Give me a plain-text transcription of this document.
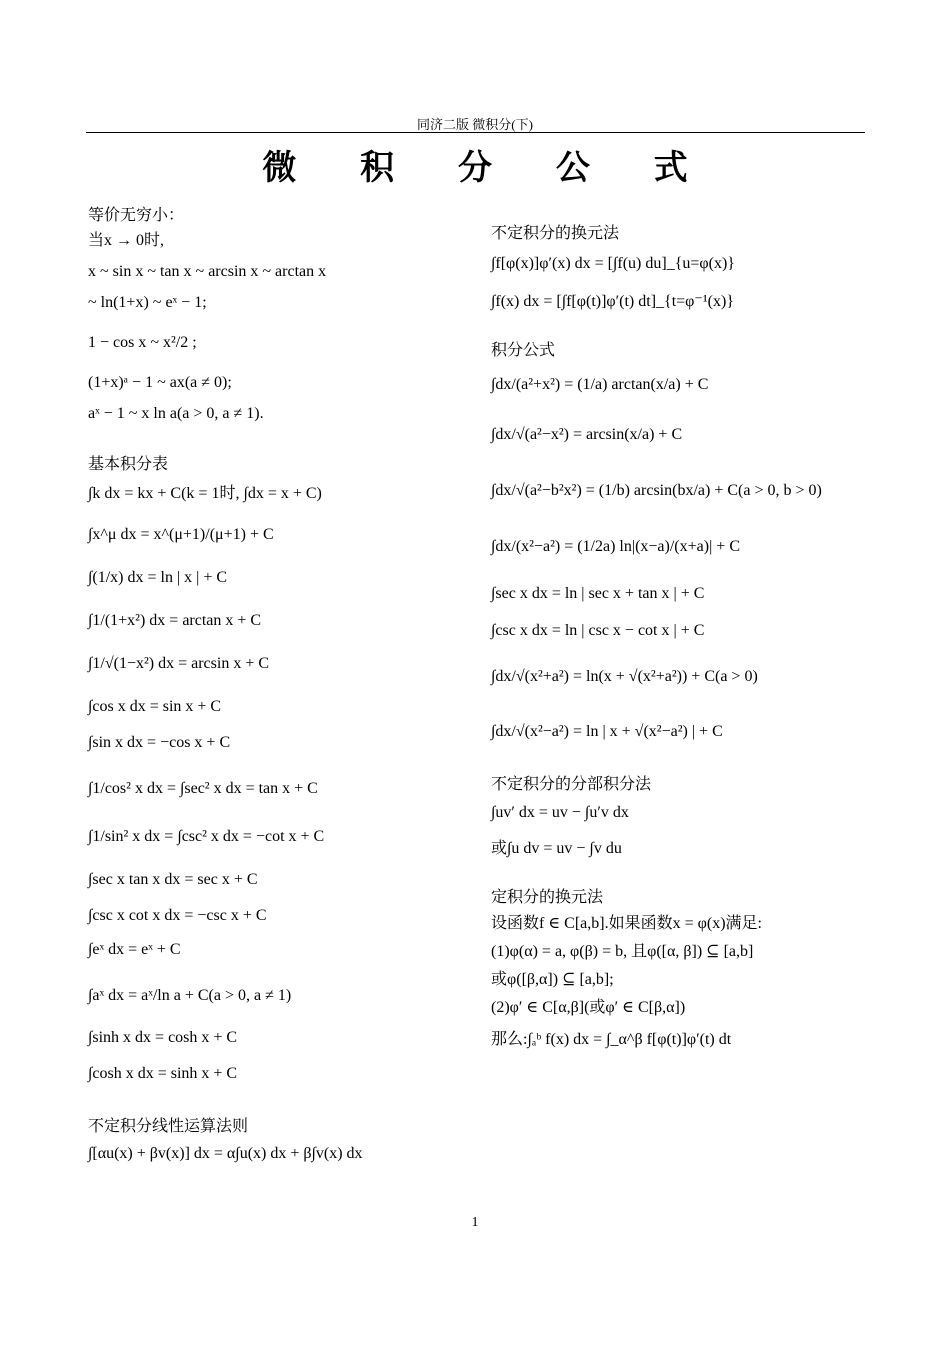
同济二版 微积分(下)
微 积 分 公 式

等价无穷小：

当x → 0时,

x ~ sin x ~ tan x ~ arcsin x ~ arctan x

~ ln(1+x) ~ eˣ − 1;

1 − cos x ~ x²/2 ;

(1+x)ᵃ − 1 ~ ax(a ≠ 0);

aˣ − 1 ~ x ln a(a > 0, a ≠ 1).

基本积分表

∫k dx = kx + C(k = 1时, ∫dx = x + C)

∫x^μ dx = x^(μ+1)/(μ+1) + C

∫(1/x) dx = ln | x | + C

∫1/(1+x²) dx = arctan x + C

∫1/√(1−x²) dx = arcsin x + C

∫cos x dx = sin x + C

∫sin x dx = −cos x + C

∫1/cos² x dx = ∫sec² x dx = tan x + C

∫1/sin² x dx = ∫csc² x dx = −cot x + C

∫sec x tan x dx = sec x + C

∫csc x cot x dx = −csc x + C

∫eˣ dx = eˣ + C

∫aˣ dx = aˣ/ln a + C(a > 0, a ≠ 1)

∫sinh x dx = cosh x + C

∫cosh x dx = sinh x + C

不定积分线性运算法则

∫[αu(x) + βv(x)] dx = α∫u(x) dx + β∫v(x) dx

不定积分的换元法

∫f[φ(x)]φ′(x) dx = [∫f(u) du]_{u=φ(x)}

∫f(x) dx = [∫f[φ(t)]φ′(t) dt]_{t=φ⁻¹(x)}

积分公式

∫dx/(a²+x²) = (1/a) arctan(x/a) + C

∫dx/√(a²−x²) = arcsin(x/a) + C

∫dx/√(a²−b²x²) = (1/b) arcsin(bx/a) + C(a > 0, b > 0)

∫dx/(x²−a²) = (1/2a) ln|(x−a)/(x+a)| + C

∫sec x dx = ln | sec x + tan x | + C

∫csc x dx = ln | csc x − cot x | + C

∫dx/√(x²+a²) = ln(x + √(x²+a²)) + C(a > 0)

∫dx/√(x²−a²) = ln | x + √(x²−a²) | + C

不定积分的分部积分法

∫uv′ dx = uv − ∫u′v dx

或∫u dv = uv − ∫v du

定积分的换元法

设函数f ∈ C[a,b].如果函数x = φ(x)满足:

(1)φ(α) = a, φ(β) = b, 且φ([α, β]) ⊆ [a,b]

或φ([β,α]) ⊆ [a,b];

(2)φ′ ∈ C[α,β](或φ′ ∈ C[β,α])

那么:∫ₐᵇ f(x) dx = ∫_α^β f[φ(t)]φ′(t) dt

1
